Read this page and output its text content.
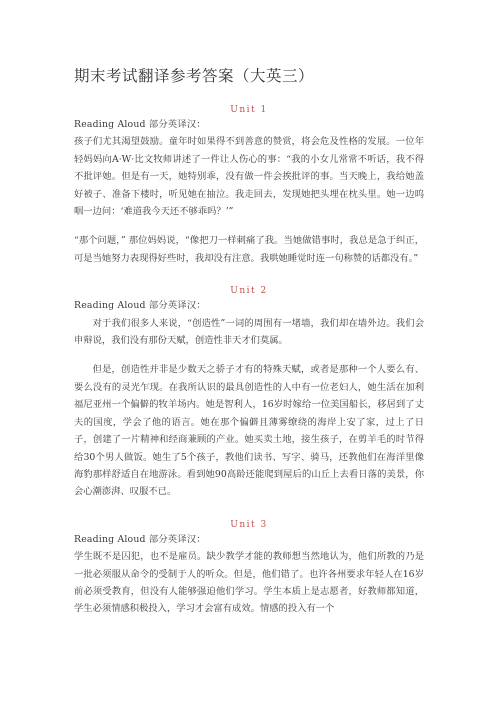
期末考试翻译参考答案（大英三）

Unit 1

Reading Aloud 部分英译汉：

孩子们尤其渴望鼓励。童年时如果得不到善意的赞赏，将会危及性格的发展。一位年轻妈妈向A·W·比文牧师讲述了一件让人伤心的事：“我的小女儿常常不听话，我不得不批评她。但是有一天，她特别乖，没有做一件会挨批评的事。当天晚上，我给她盖好被子、准备下楼时，听见她在抽泣。我走回去，发现她把头埋在枕头里。她一边呜咽一边问：‘难道我今天还不够乖吗？’”

“那个问题，” 那位妈妈说，“像把刀一样刺痛了我。当她做错事时，我总是急于纠正，可是当她努力表现得好些时，我却没有注意。我哄她睡觉时连一句称赞的话都没有。”

Unit 2

Reading Aloud 部分英译汉：

对于我们很多人来说，“创造性”一词的周围有一堵墙，我们却在墙外边。我们会申辩说，我们没有那份天赋，创造性非天才们莫属。

但是，创造性并非是少数天之骄子才有的特殊天赋，或者是那种一个人要么有、要么没有的灵光乍现。在我所认识的最具创造性的人中有一位老妇人，她生活在加利福尼亚州一个偏僻的牧羊场内。她是智利人，16岁时嫁给一位美国船长，移居到了丈夫的国度，学会了他的语言。她在那个偏僻且薄雾缭绕的海岸上安了家，过上了日子，创建了一片精神和经商兼顾的产业。她买卖土地，接生孩子，在剪羊毛的时节得给30个男人做饭。她生了5个孩子，教他们读书、写字、骑马，还教他们在海洋里像海豹那样舒适自在地游泳。看到她90高龄还能爬到屋后的山丘上去看日落的美景，你会心潮澎湃、叹服不已。

Unit 3

Reading Aloud 部分英译汉：

学生既不是囚犯，也不是雇员。缺少教学才能的教师想当然地认为，他们所教的乃是一批必须服从命令的受制于人的听众。但是，他们错了。也许各州要求年轻人在16岁前必须受教育，但没有人能够强迫他们学习。学生本质上是志愿者，好教师都知道，学生必须情感积极投入，学习才会富有成效。情感的投入有一个
